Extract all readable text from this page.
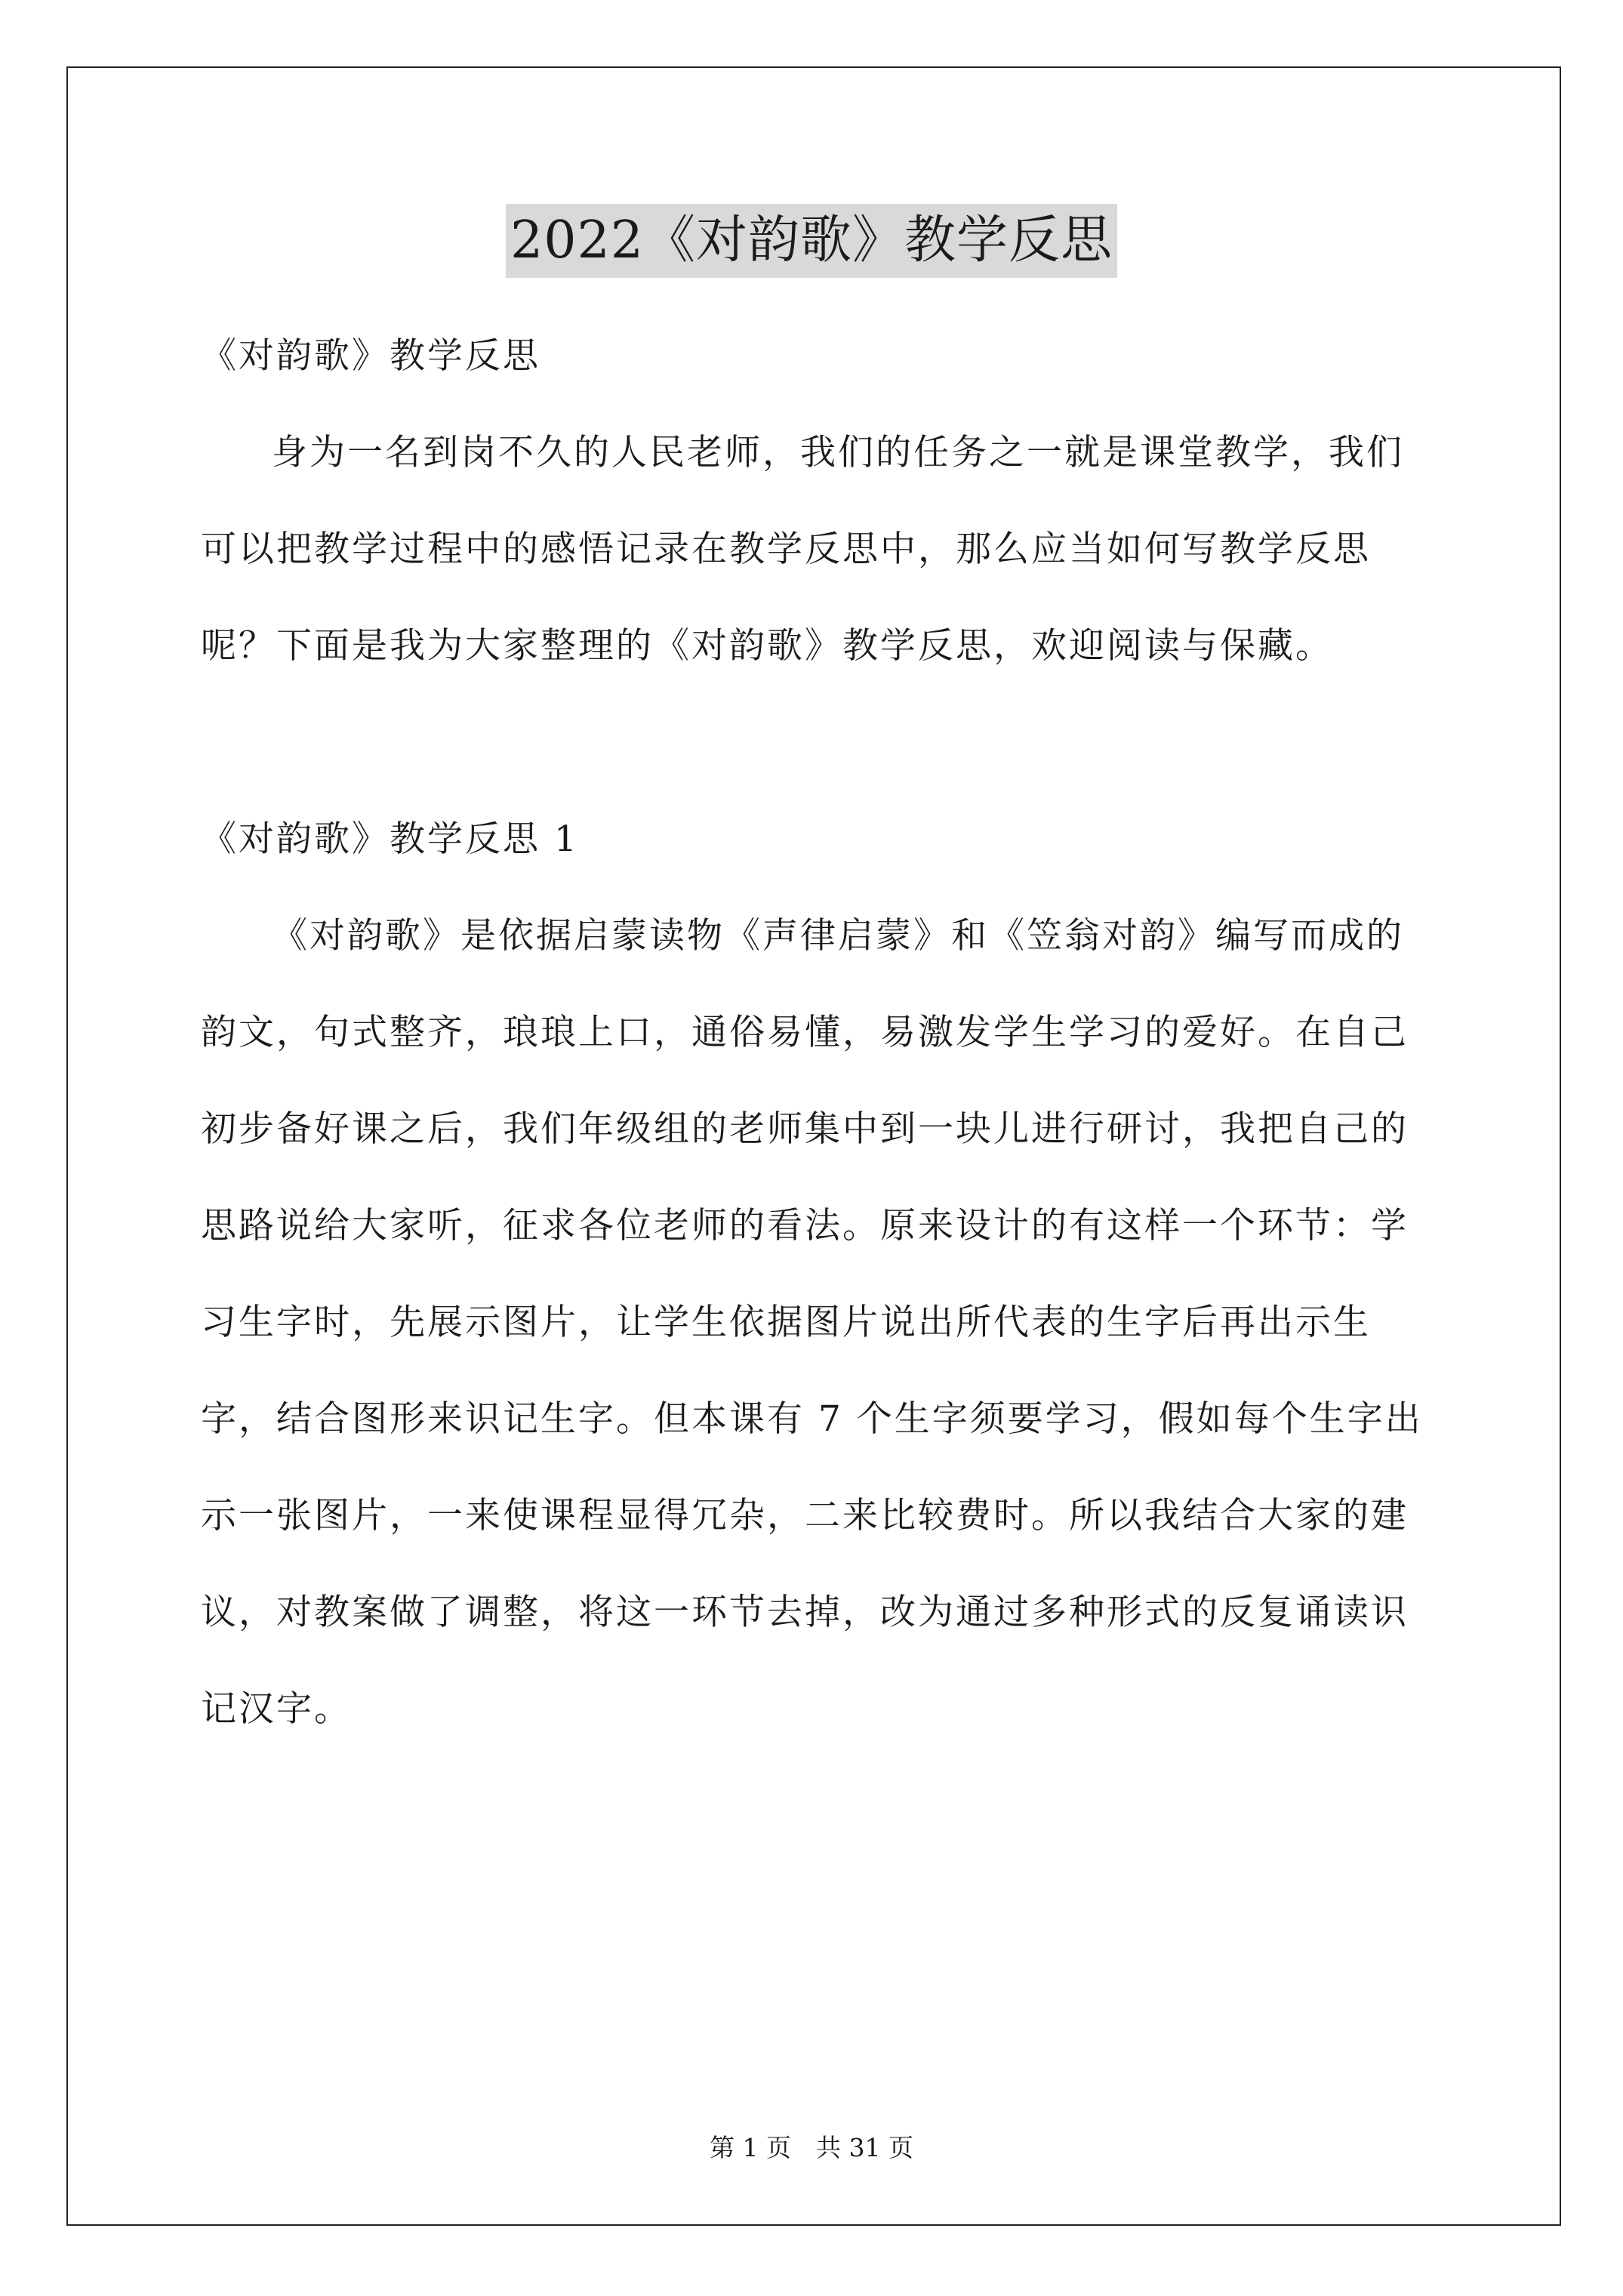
2022《对韵歌》教学反思

《对韵歌》教学反思

身为一名到岗不久的人民老师，我们的任务之一就是课堂教学，我们可以把教学过程中的感悟记录在教学反思中，那么应当如何写教学反思呢？下面是我为大家整理的《对韵歌》教学反思，欢迎阅读与保藏。

《对韵歌》教学反思 1

《对韵歌》是依据启蒙读物《声律启蒙》和《笠翁对韵》编写而成的韵文，句式整齐，琅琅上口，通俗易懂，易激发学生学习的爱好。在自己初步备好课之后，我们年级组的老师集中到一块儿进行研讨，我把自己的思路说给大家听，征求各位老师的看法。原来设计的有这样一个环节：学习生字时，先展示图片，让学生依据图片说出所代表的生字后再出示生字，结合图形来识记生字。但本课有 7 个生字须要学习，假如每个生字出示一张图片，一来使课程显得冗杂，二来比较费时。所以我结合大家的建议，对教案做了调整，将这一环节去掉，改为通过多种形式的反复诵读识记汉字。

第 1 页　共 31 页
